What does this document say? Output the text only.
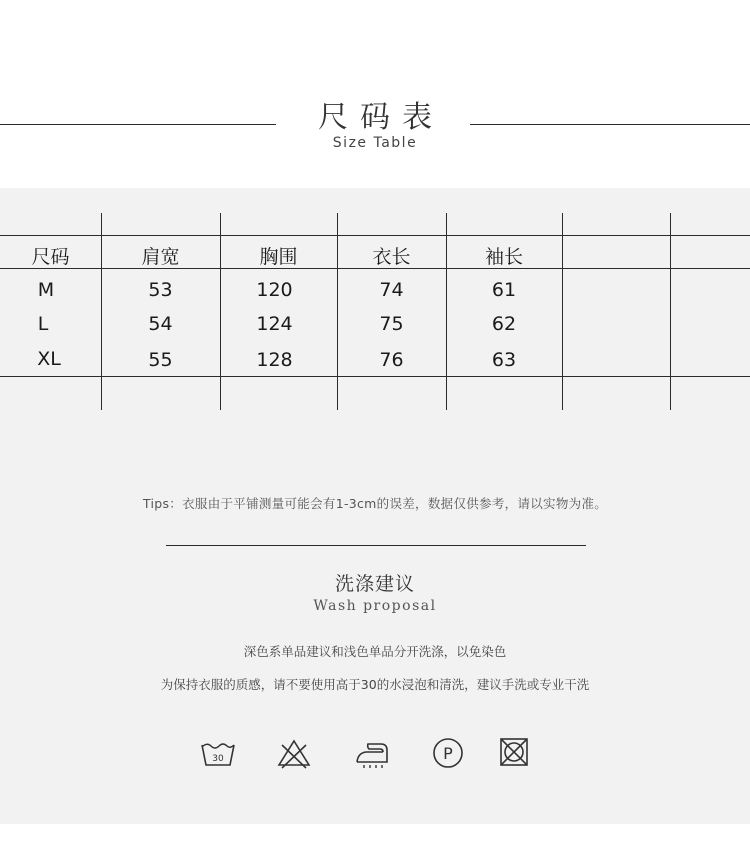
尺码表
Size Table
尺码	肩宽	胸围	衣长	袖长
M	53	120	74	61
L	54	124	75	62
XL	55	128	76	63
Tips：衣服由于平铺测量可能会有1-3cm的误差，数据仅供参考，请以实物为准。
洗涤建议
Wash proposal
深色系单品建议和浅色单品分开洗涤，以免染色
为保持衣服的质感，请不要使用高于30的水浸泡和清洗，建议手洗或专业干洗
30	P
